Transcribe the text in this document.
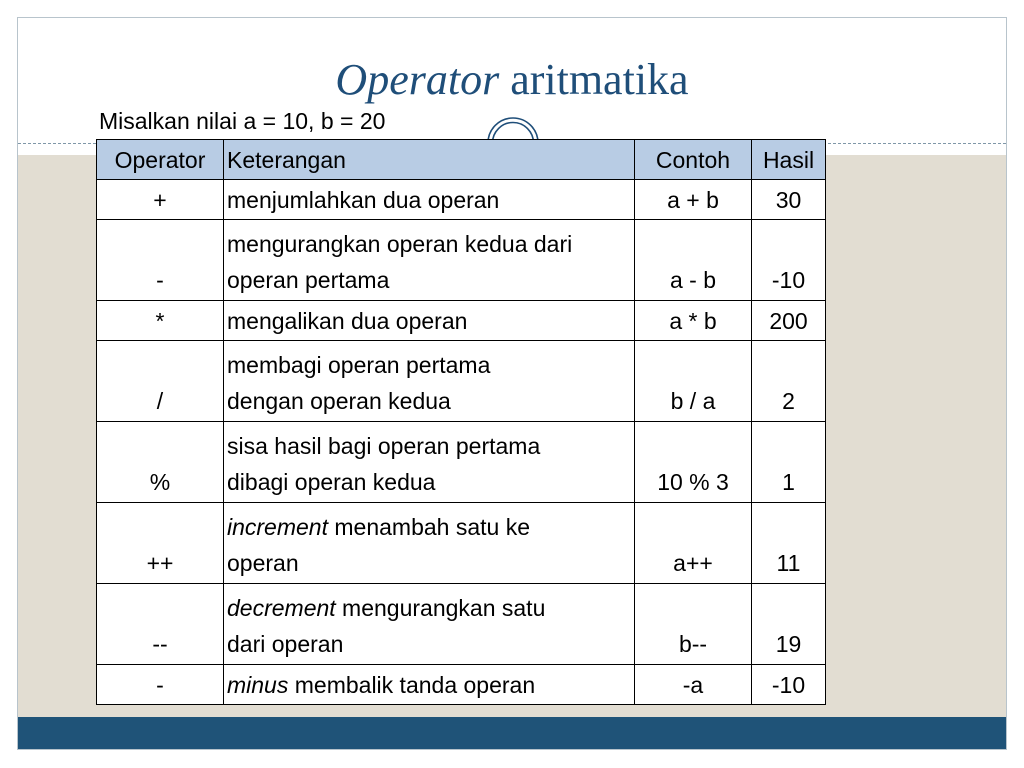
Operator aritmatika
Misalkan nilai a = 10, b = 20
Operator	Keterangan	Contoh	Hasil
+	menjumlahkan dua operan	a + b	30
-	mengurangkan operan kedua dari
operan pertama	a - b	-10
*	mengalikan dua operan	a * b	200
/	membagi operan pertama
dengan operan kedua	b / a	2
%	sisa hasil bagi operan pertama
dibagi operan kedua	10 % 3	1
++	increment menambah satu ke
operan	a++	11
--	decrement mengurangkan satu
dari operan	b--	19
-	minus membalik tanda operan	-a	-10
